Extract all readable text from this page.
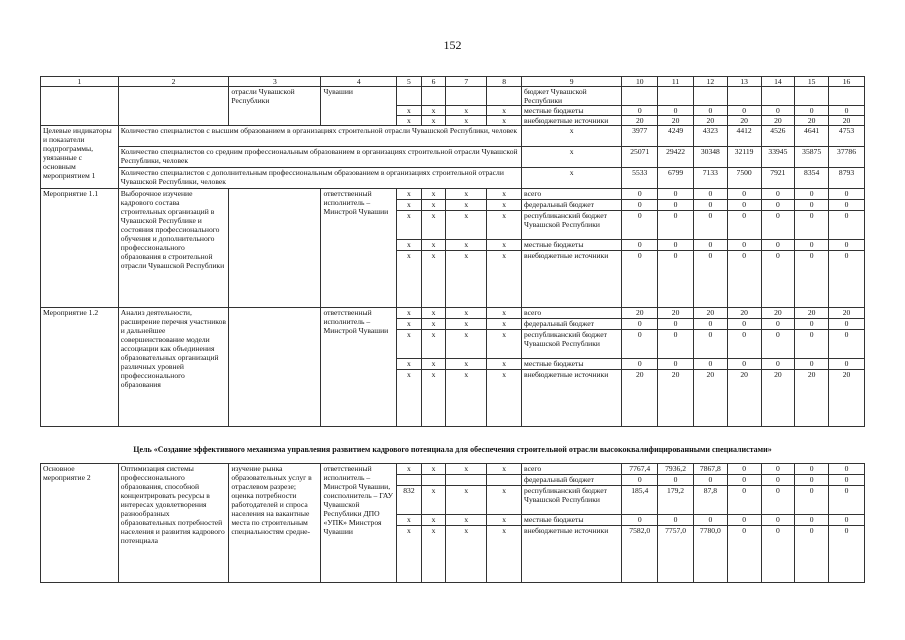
152
1	2	3	4	5	6	7	8	9	10	11	12	13	14	15	16
		отрасли Чувашской Республики	Чувашии					бюджет Чувашской Республики							
				x	x	x	x	местные бюджеты	0	0	0	0	0	0	0
				x	x	x	x	внебюджетные источники	20	20	20	20	20	20	20
Целевые индикаторы и показатели подпрограммы, увязанные с основным мероприятием 1	Количество специалистов с высшим образованием в организациях строительной отрасли Чувашской Республики, человек							x	3977	4249	4323	4412	4526	4641	4753
	Количество специалистов со средним профессиональным образованием в организациях строительной отрасли Чувашской Республики, человек							x	25071	29422	30348	32119	33945	35875	37786
	Количество специалистов с дополнительным профессиональным образованием в организациях строительной отрасли Чувашской Республики, человек							x	5533	6799	7133	7500	7921	8354	8793
Мероприятие 1.1	Выборочное изучение кадрового состава строительных организаций в Чувашской Республике и состояния профессионального обучения и дополнительного профессионального образования в строительной отрасли Чувашской Республики		ответственный исполнитель – Минстрой Чувашии	x	x	x	x	всего	0	0	0	0	0	0	0
				x	x	x	x	федеральный бюджет	0	0	0	0	0	0	0
				x	x	x	x	республиканский бюджет Чувашской Республики	0	0	0	0	0	0	0
				x	x	x	x	местные бюджеты	0	0	0	0	0	0	0
				x	x	x	x	внебюджетные источники	0	0	0	0	0	0	0
Мероприятие 1.2	Анализ деятельности, расширение перечня участников и дальнейшее совершенствование модели ассоциации как объединения образовательных организаций различных уровней профессионального образования		ответственный исполнитель – Минстрой Чувашии	x	x	x	x	всего	20	20	20	20	20	20	20
				x	x	x	x	федеральный бюджет	0	0	0	0	0	0	0
				x	x	x	x	республиканский бюджет Чувашской Республики	0	0	0	0	0	0	0
				x	x	x	x	местные бюджеты	0	0	0	0	0	0	0
				x	x	x	x	внебюджетные источники	20	20	20	20	20	20	20
Цель «Создание эффективного механизма управления развитием кадрового потенциала для обеспечения строительной отрасли высококвалифицированными специалистами»
Основное мероприятие 2	Оптимизация системы профессионального образования, способной концентрировать ресурсы в интересах удовлетворения разнообразных образовательных потребностей населения и развития кадрового потенциала	изучение рынка образовательных услуг в отраслевом разрезе; оценка потребности работодателей и спроса населения на вакантные места по строительным специальностям средне-	ответственный исполнитель – Минстрой Чувашии, соисполнитель – ГАУ Чувашской Республики ДПО «УПК» Минстроя Чувашии	x	x	x	x	всего	7767,4	7936,2	7867,8	0	0	0	0
								федеральный бюджет	0	0	0	0	0	0	0
				832	x	x	x	республиканский бюджет Чувашской Республики	185,4	179,2	87,8	0	0	0	0
				x	x	x	x	местные бюджеты	0	0	0	0	0	0	0
				x	x	x	x	внебюджетные источники	7582,0	7757,0	7780,0	0	0	0	0
